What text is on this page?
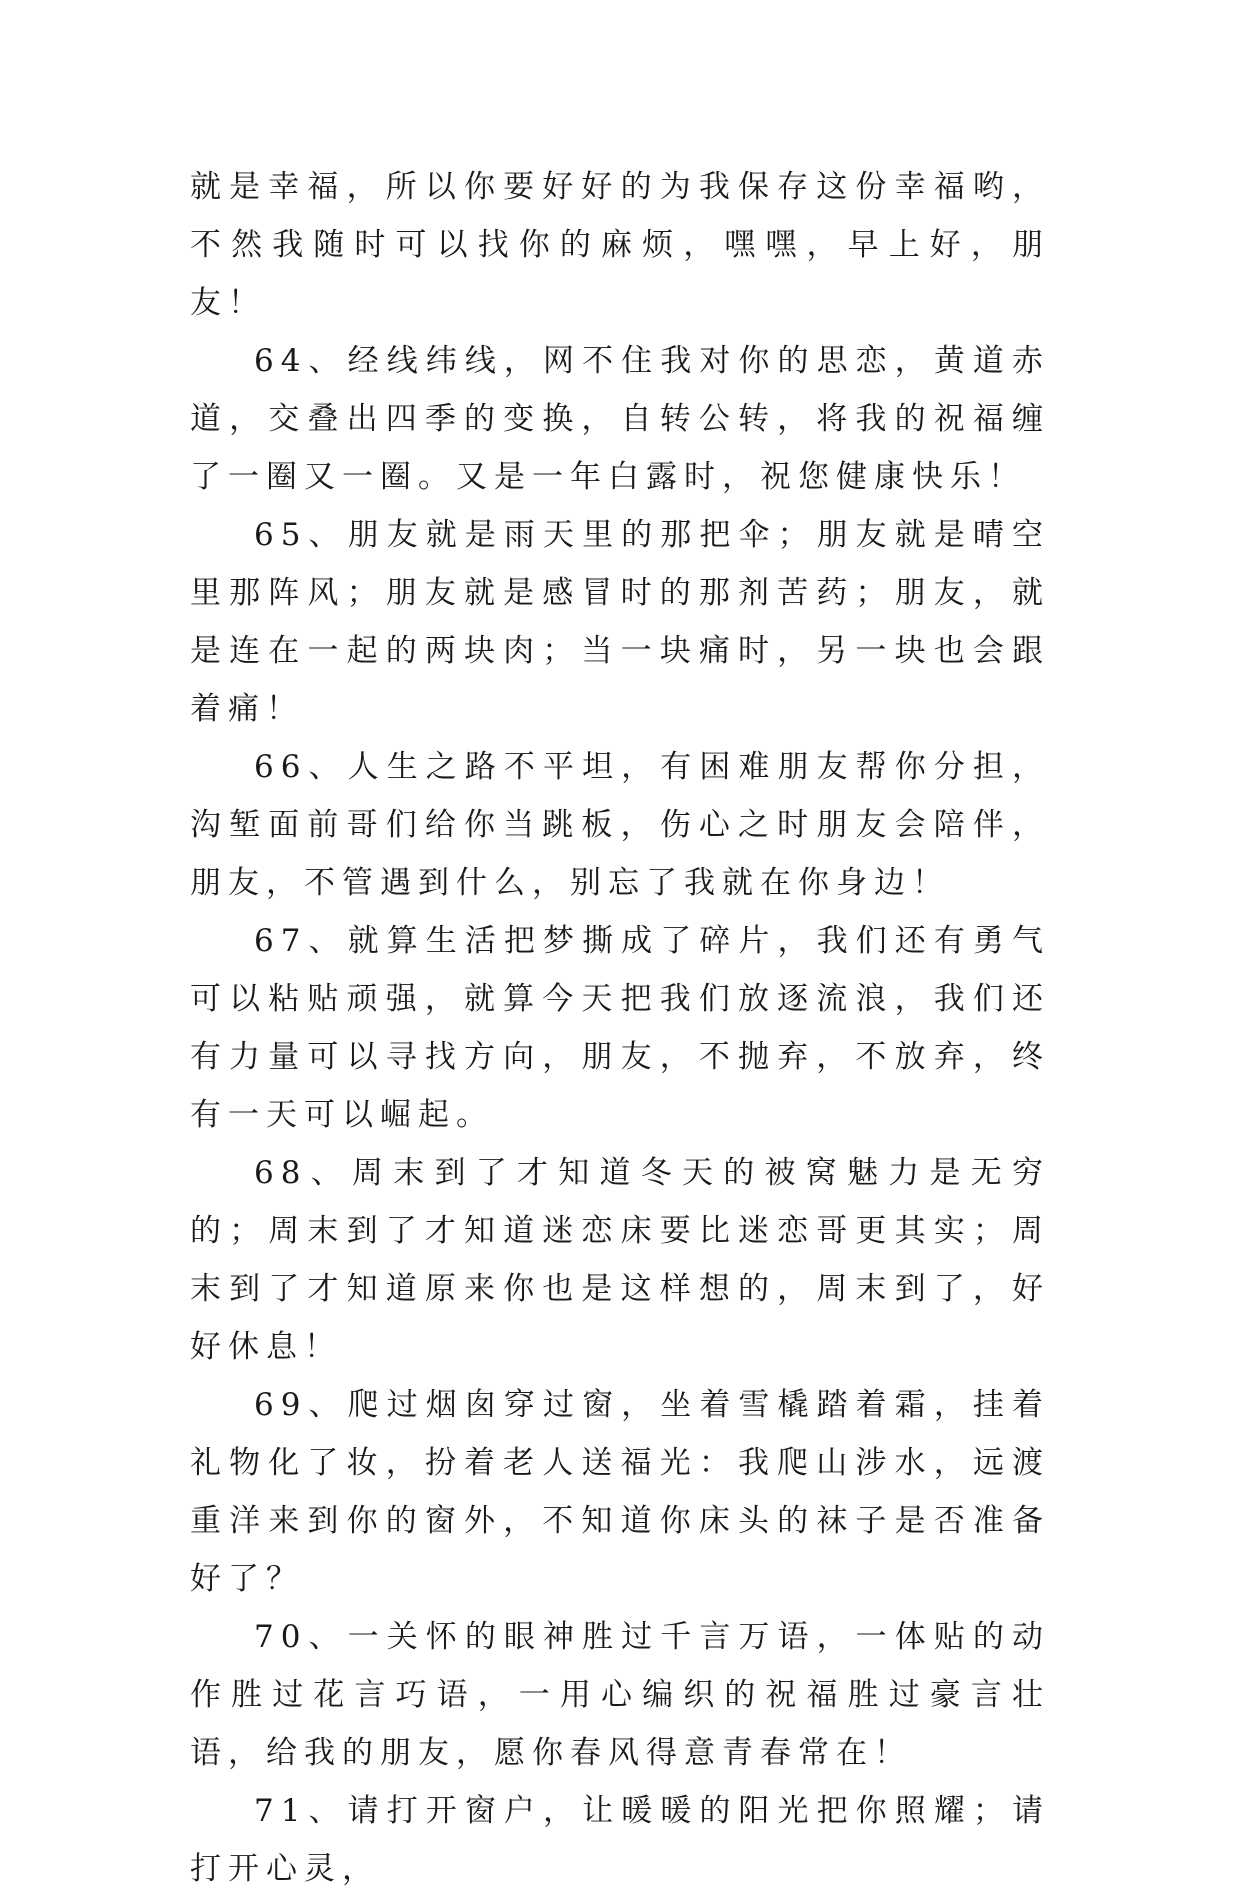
就是幸福，所以你要好好的为我保存这份幸福哟，不然我随时可以找你的麻烦，嘿嘿，早上好，朋友！

64、经线纬线，网不住我对你的思恋，黄道赤道，交叠出四季的变换，自转公转，将我的祝福缠了一圈又一圈。又是一年白露时，祝您健康快乐！

65、朋友就是雨天里的那把伞；朋友就是晴空里那阵风；朋友就是感冒时的那剂苦药；朋友，就是连在一起的两块肉；当一块痛时，另一块也会跟着痛！

66、人生之路不平坦，有困难朋友帮你分担，沟堑面前哥们给你当跳板，伤心之时朋友会陪伴，朋友，不管遇到什么，别忘了我就在你身边！

67、就算生活把梦撕成了碎片，我们还有勇气可以粘贴顽强，就算今天把我们放逐流浪，我们还有力量可以寻找方向，朋友，不抛弃，不放弃，终有一天可以崛起。

68、周末到了才知道冬天的被窝魅力是无穷的；周末到了才知道迷恋床要比迷恋哥更其实；周末到了才知道原来你也是这样想的，周末到了，好好休息！

69、爬过烟囱穿过窗，坐着雪橇踏着霜，挂着礼物化了妆，扮着老人送福光：我爬山涉水，远渡重洋来到你的窗外，不知道你床头的袜子是否准备好了？

70、一关怀的眼神胜过千言万语，一体贴的动作胜过花言巧语，一用心编织的祝福胜过豪言壮语，给我的朋友，愿你春风得意青春常在！

71、请打开窗户，让暖暖的阳光把你照耀；请打开心灵，
